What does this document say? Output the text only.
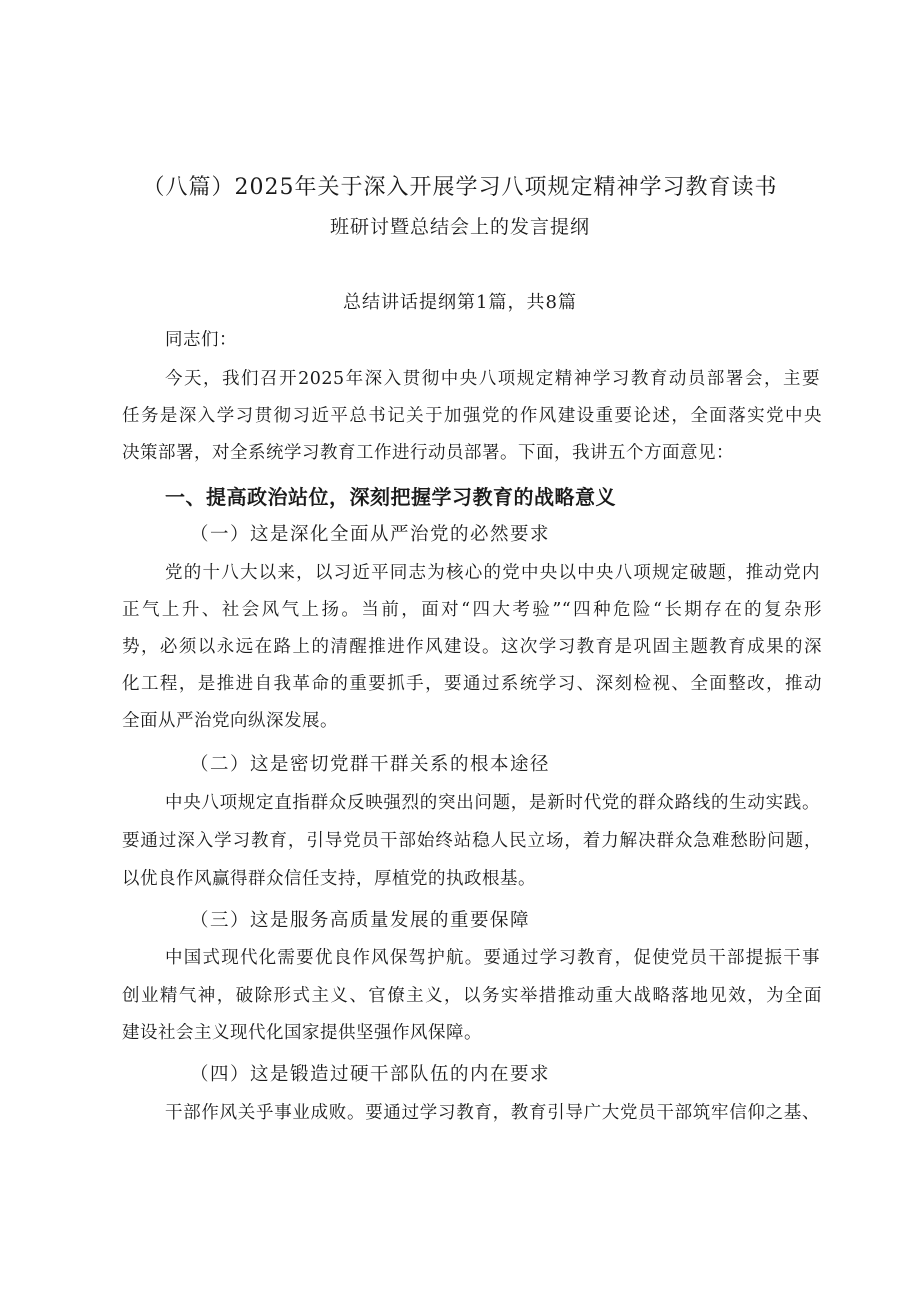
（八篇）2025年关于深入开展学习八项规定精神学习教育读书
班研讨暨总结会上的发言提纲
总结讲话提纲第1篇，共8篇
同志们：
今天，我们召开2025年深入贯彻中央八项规定精神学习教育动员部署会，主要
任务是深入学习贯彻习近平总书记关于加强党的作风建设重要论述，全面落实党中央
决策部署，对全系统学习教育工作进行动员部署。下面，我讲五个方面意见：
一、提高政治站位，深刻把握学习教育的战略意义
（一）这是深化全面从严治党的必然要求
党的十八大以来，以习近平同志为核心的党中央以中央八项规定破题，推动党内
正气上升、社会风气上扬。当前，面对“四大考验”“四种危险“长期存在的复杂形
势，必须以永远在路上的清醒推进作风建设。这次学习教育是巩固主题教育成果的深
化工程，是推进自我革命的重要抓手，要通过系统学习、深刻检视、全面整改，推动
全面从严治党向纵深发展。
（二）这是密切党群干群关系的根本途径
中央八项规定直指群众反映强烈的突出问题，是新时代党的群众路线的生动实践。
要通过深入学习教育，引导党员干部始终站稳人民立场，着力解决群众急难愁盼问题，
以优良作风赢得群众信任支持，厚植党的执政根基。
（三）这是服务高质量发展的重要保障
中国式现代化需要优良作风保驾护航。要通过学习教育，促使党员干部提振干事
创业精气神，破除形式主义、官僚主义，以务实举措推动重大战略落地见效，为全面
建设社会主义现代化国家提供坚强作风保障。
（四）这是锻造过硬干部队伍的内在要求
干部作风关乎事业成败。要通过学习教育，教育引导广大党员干部筑牢信仰之基、
